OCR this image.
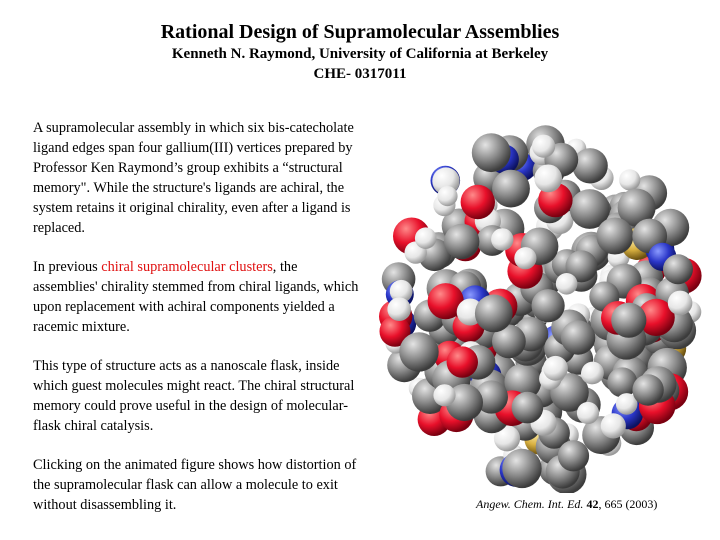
Rational Design of Supramolecular Assemblies
Kenneth N. Raymond, University of California at Berkeley
CHE- 0317011

A supramolecular assembly in which six bis-catecholate ligand edges span four gallium(III) vertices prepared by Professor Ken Raymond’s group exhibits a “structural memory". While the structure's ligands are achiral, the system retains it original chirality, even after a ligand is replaced.

In previous chiral supramolecular clusters, the assemblies' chirality stemmed from chiral ligands, which upon replacement with achiral components yielded a racemic mixture.

This type of structure acts as a nanoscale flask, inside which guest molecules might react. The chiral structural memory could prove useful in the design of molecular-flask chiral catalysis.

Clicking on the animated figure shows how distortion of the supramolecular flask can allow a molecule to exit without disassembling it.	Angew. Chem. Int. Ed. 42, 665 (2003)
